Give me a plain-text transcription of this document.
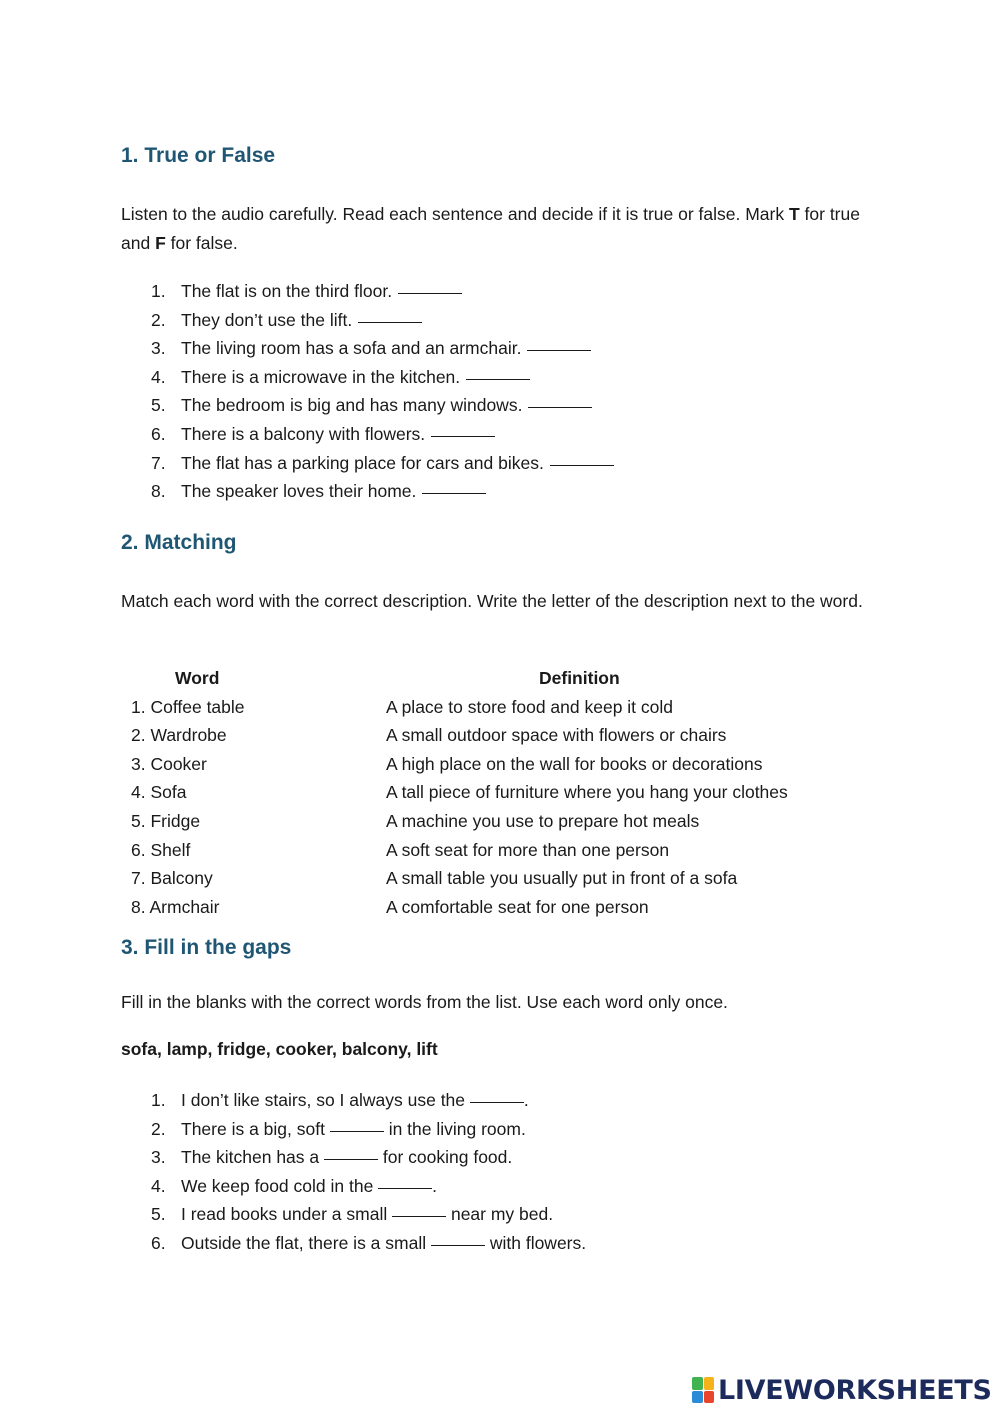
1. True or False

Listen to the audio carefully. Read each sentence and decide if it is true or false. Mark T for true and F for false.

1. The flat is on the third floor.
2. They don’t use the lift.
3. The living room has a sofa and an armchair.
4. There is a microwave in the kitchen.
5. The bedroom is big and has many windows.
6. There is a balcony with flowers.
7. The flat has a parking place for cars and bikes.
8. The speaker loves their home.
2. Matching

Match each word with the correct description. Write the letter of the description next to the word.

Word	Definition
1. Coffee table	A place to store food and keep it cold
2. Wardrobe	A small outdoor space with flowers or chairs
3. Cooker	A high place on the wall for books or decorations
4. Sofa	A tall piece of furniture where you hang your clothes
5. Fridge	A machine you use to prepare hot meals
6. Shelf	A soft seat for more than one person
7. Balcony	A small table you usually put in front of a sofa
8. Armchair	A comfortable seat for one person
3. Fill in the gaps

Fill in the blanks with the correct words from the list. Use each word only once.

sofa, lamp, fridge, cooker, balcony, lift

1. I don’t like stairs, so I always use the	.
2. There is a big, soft	in the living room.
3. The kitchen has a	for cooking food.
4. We keep food cold in the	.
5. I read books under a small	near my bed.
6. Outside the flat, there is a small	with flowers.
LIVEWORKSHEETS
